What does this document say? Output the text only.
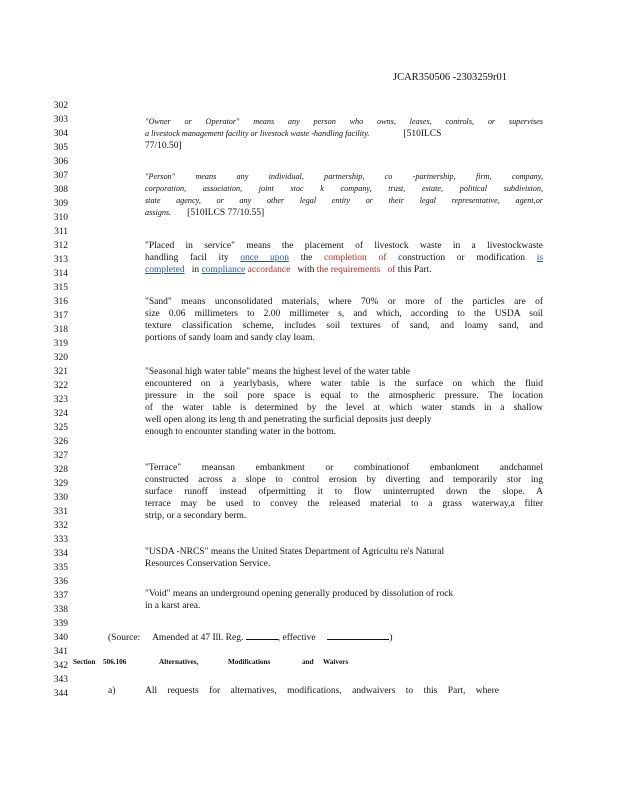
JCAR350506 -2303259r01
302
303
304
305
306
307
308
309
310
311
312
313
314
315
316
317
318
319
320
321
322
323
324
325
326
327
328
329
330
331
332
333
334
335
336
337
338
339
340
341
342
343
344
"Owner or Operator" means any person who owns, leases, controls, or supervises
a livestock management facility or livestock waste -handling facility.	[510ILCS
77/10.50]
"Person" means any individual, partnership, co -partnership, firm, company,
corporation, association, joint stoc k company, trust, estate, political subdivision,
state agency, or any other legal entity or their legal representative, agent,or
assigns. [510ILCS 77/10.55]
"Placed in service" means the placement of livestock waste in a livestockwaste
handling facil ity once upon the completion of construction or modification is
completed in compliance accordance with the requirements of this Part.
"Sand" means unconsolidated materials, where 70% or more of the particles are of
size 0.06 millimeters to 2.00 millimeter s, and which, according to the USDA soil
texture classification scheme, includes soil textures of sand, and loamy sand, and
portions of sandy loam and sandy clay loam.
"Seasonal high water table" means the highest level of the water table
encountered on a yearlybasis, where water table is the surface on which the fluid
pressure in the soil pore space is equal to the atmospheric pressure. The location
of the water table is determined by the level at which water stands in a shallow
well open along its leng th and penetrating the surficial deposits just deeply
enough to encounter standing water in the bottom.
"Terrace" meansan embankment or combinationof embankment andchannel
constructed across a slope to control erosion by diverting and temporarily stor ing
surface runoff instead ofpermitting it to flow uninterrupted down the slope. A
terrace may be used to convey the released material to a grass waterway,a filter
strip, or a secondary berm.
"USDA -NRCS" means the United States Department of Agricultu re's Natural
Resources Conservation Service.
"Void" means an underground opening generally produced by dissolution of rock
in a karst area.
(Source: Amended at 47 Ill. Reg.	, effective	)
Section 506.106	Alternatives,	Modifications	and Waivers
a)	All requests for alternatives, modifications, andwaivers to this Part, where
